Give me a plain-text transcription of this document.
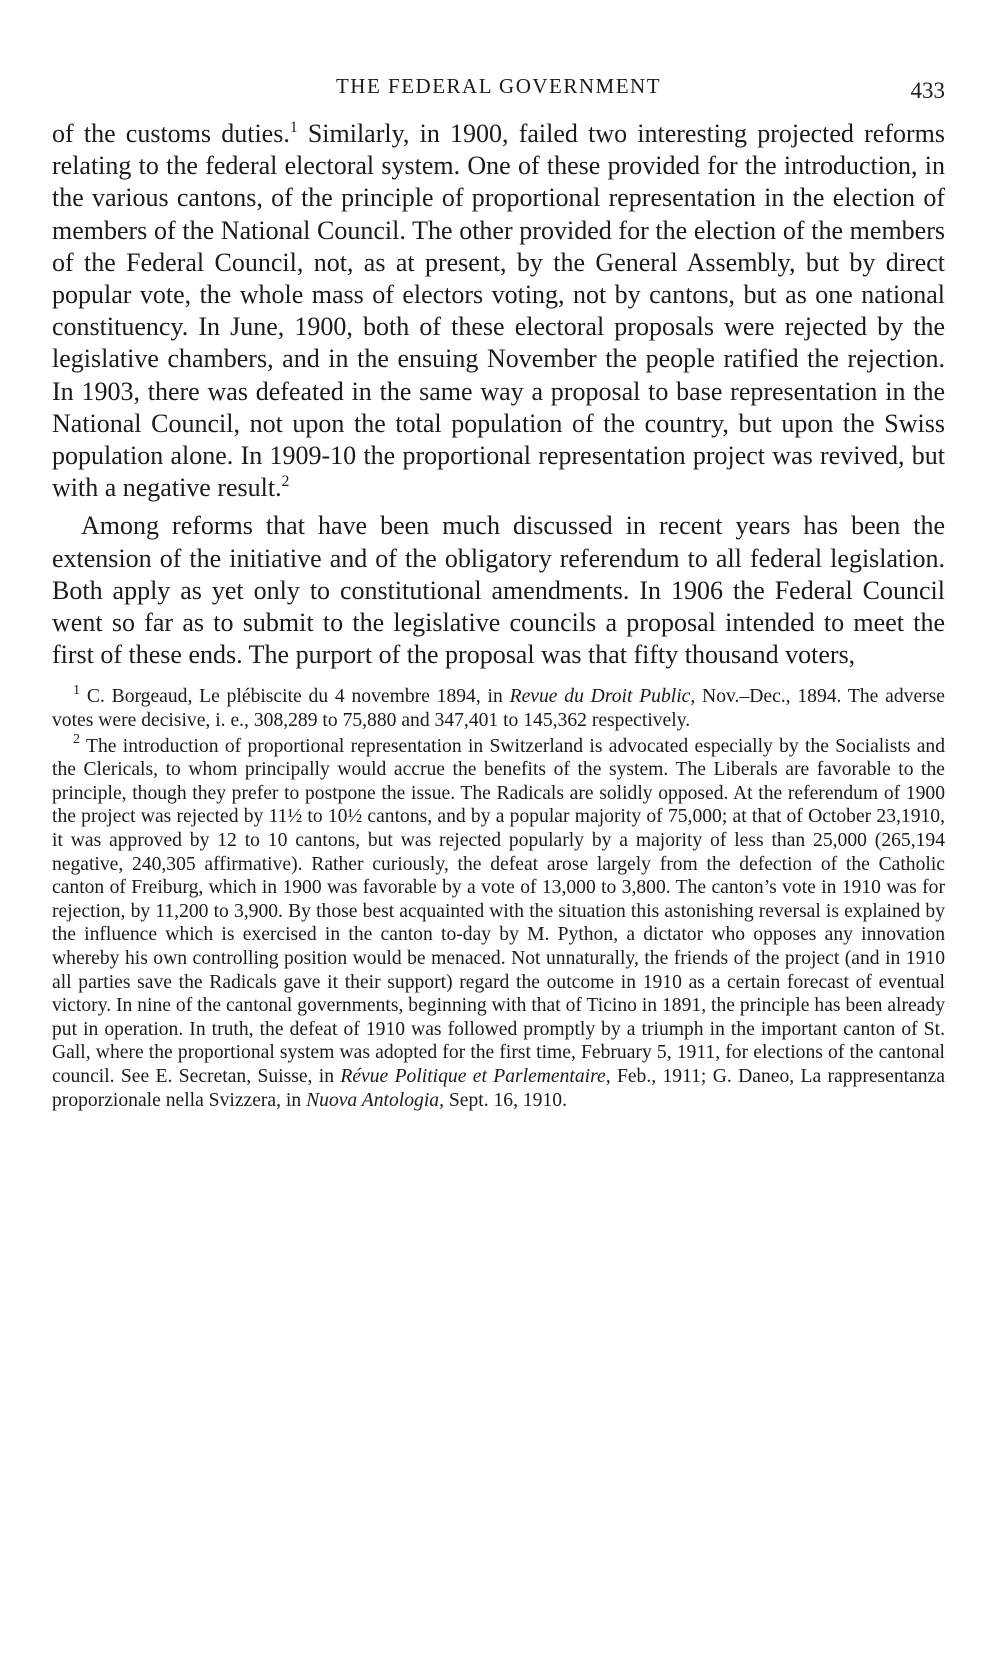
THE FEDERAL GOVERNMENT	433

of the customs duties.$^1$ Similarly, in 1900, failed two interesting projected reforms relating to the federal electoral system. One of these provided for the introduction, in the various cantons, of the principle of proportional representation in the election of members of the National Council. The other provided for the election of the members of the Federal Council, not, as at present, by the General Assembly, but by direct popular vote, the whole mass of electors voting, not by cantons, but as one national constituency. In June, 1900, both of these electoral proposals were rejected by the legislative chambers, and in the ensuing November the people ratified the rejection. In 1903, there was defeated in the same way a proposal to base representation in the National Council, not upon the total population of the country, but upon the Swiss population alone. In 1909-10 the proportional representation project was revived, but with a negative result.$^2$

Among reforms that have been much discussed in recent years has been the extension of the initiative and of the obligatory referendum to all federal legislation. Both apply as yet only to constitutional amendments. In 1906 the Federal Council went so far as to submit to the legislative councils a proposal intended to meet the first of these ends. The purport of the proposal was that fifty thousand voters,

$^1$ C. Borgeaud, Le plébiscite du 4 novembre 1894, in Revue du Droit Public, Nov.–Dec., 1894. The adverse votes were decisive, i. e., 308,289 to 75,880 and 347,401 to 145,362 respectively.

$^2$ The introduction of proportional representation in Switzerland is advocated especially by the Socialists and the Clericals, to whom principally would accrue the benefits of the system. The Liberals are favorable to the principle, though they prefer to postpone the issue. The Radicals are solidly opposed. At the referendum of 1900 the project was rejected by 11½ to 10½ cantons, and by a popular majority of 75,000; at that of October 23,1910, it was approved by 12 to 10 cantons, but was rejected popularly by a majority of less than 25,000 (265,194 negative, 240,305 affirmative). Rather curiously, the defeat arose largely from the defection of the Catholic canton of Freiburg, which in 1900 was favorable by a vote of 13,000 to 3,800. The canton’s vote in 1910 was for rejection, by 11,200 to 3,900. By those best acquainted with the situation this astonishing reversal is explained by the influence which is exercised in the canton to-day by M. Python, a dictator who opposes any innovation whereby his own controlling position would be menaced. Not unnaturally, the friends of the project (and in 1910 all parties save the Radicals gave it their support) regard the outcome in 1910 as a certain forecast of eventual victory. In nine of the cantonal governments, beginning with that of Ticino in 1891, the principle has been already put in operation. In truth, the defeat of 1910 was followed promptly by a triumph in the important canton of St. Gall, where the proportional system was adopted for the first time, February 5, 1911, for elections of the cantonal council. See E. Secretan, Suisse, in Révue Politique et Parlementaire, Feb., 1911; G. Daneo, La rappresentanza proporzionale nella Svizzera, in Nuova Antologia, Sept. 16, 1910.
